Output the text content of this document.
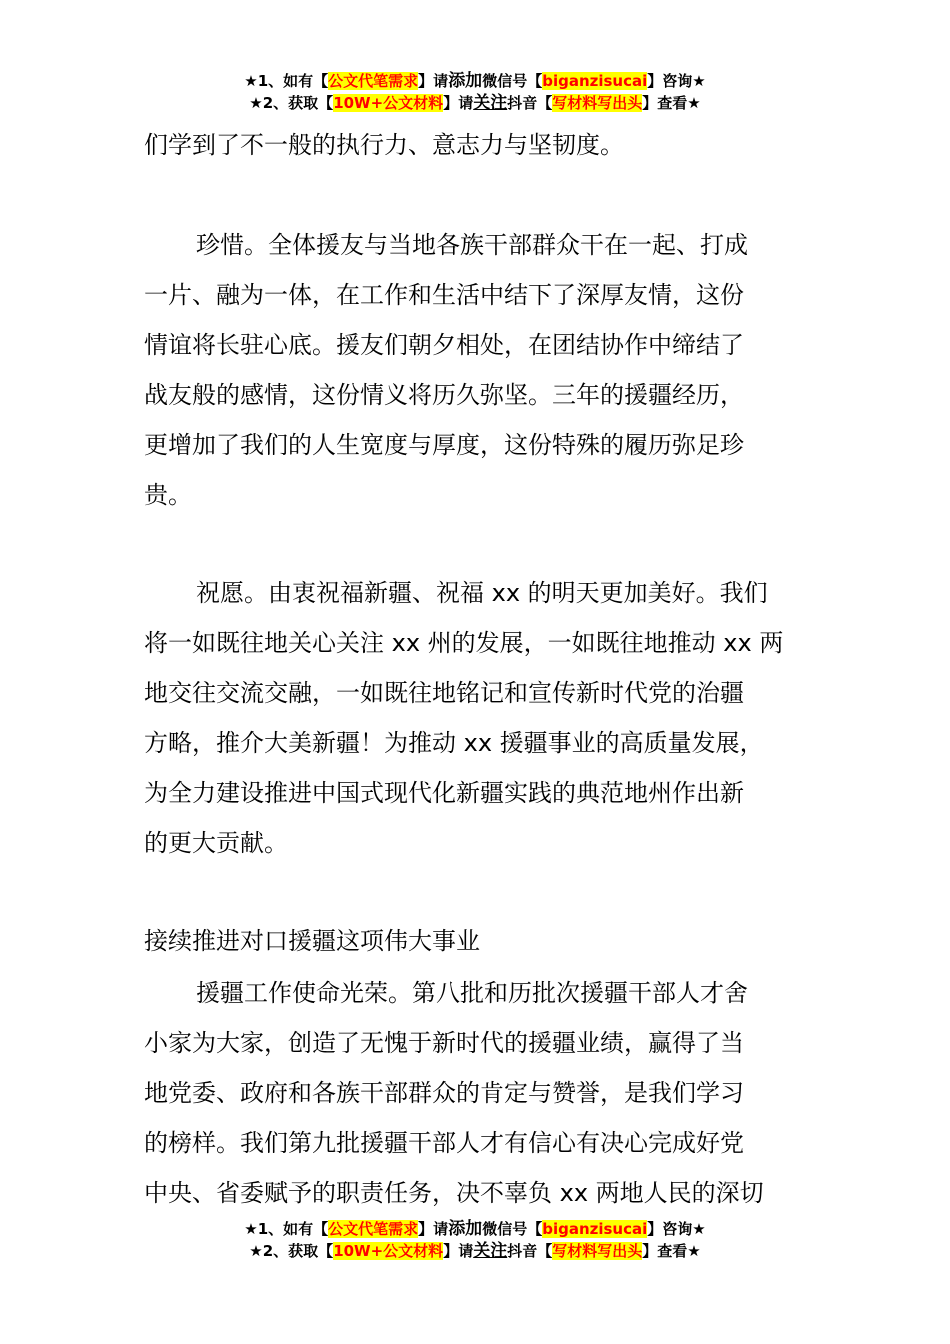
★1、如有【公文代笔需求】请添加微信号【biganzisucai】咨询★
★2、获取【10W+公文材料】请关注抖音【写材料写出头】查看★
们学到了不一般的执行力、意志力与坚韧度。
珍惜。全体援友与当地各族干部群众干在一起、打成
一片、融为一体，在工作和生活中结下了深厚友情，这份
情谊将长驻心底。援友们朝夕相处，在团结协作中缔结了
战友般的感情，这份情义将历久弥坚。三年的援疆经历，
更增加了我们的人生宽度与厚度，这份特殊的履历弥足珍
贵。
祝愿。由衷祝福新疆、祝福 xx 的明天更加美好。我们
将一如既往地关心关注 xx 州的发展，一如既往地推动 xx 两
地交往交流交融，一如既往地铭记和宣传新时代党的治疆
方略，推介大美新疆！为推动 xx 援疆事业的高质量发展，
为全力建设推进中国式现代化新疆实践的典范地州作出新
的更大贡献。
接续推进对口援疆这项伟大事业
援疆工作使命光荣。第八批和历批次援疆干部人才舍
小家为大家，创造了无愧于新时代的援疆业绩，赢得了当
地党委、政府和各族干部群众的肯定与赞誉，是我们学习
的榜样。我们第九批援疆干部人才有信心有决心完成好党
中央、省委赋予的职责任务，决不辜负 xx 两地人民的深切
★1、如有【公文代笔需求】请添加微信号【biganzisucai】咨询★
★2、获取【10W+公文材料】请关注抖音【写材料写出头】查看★
